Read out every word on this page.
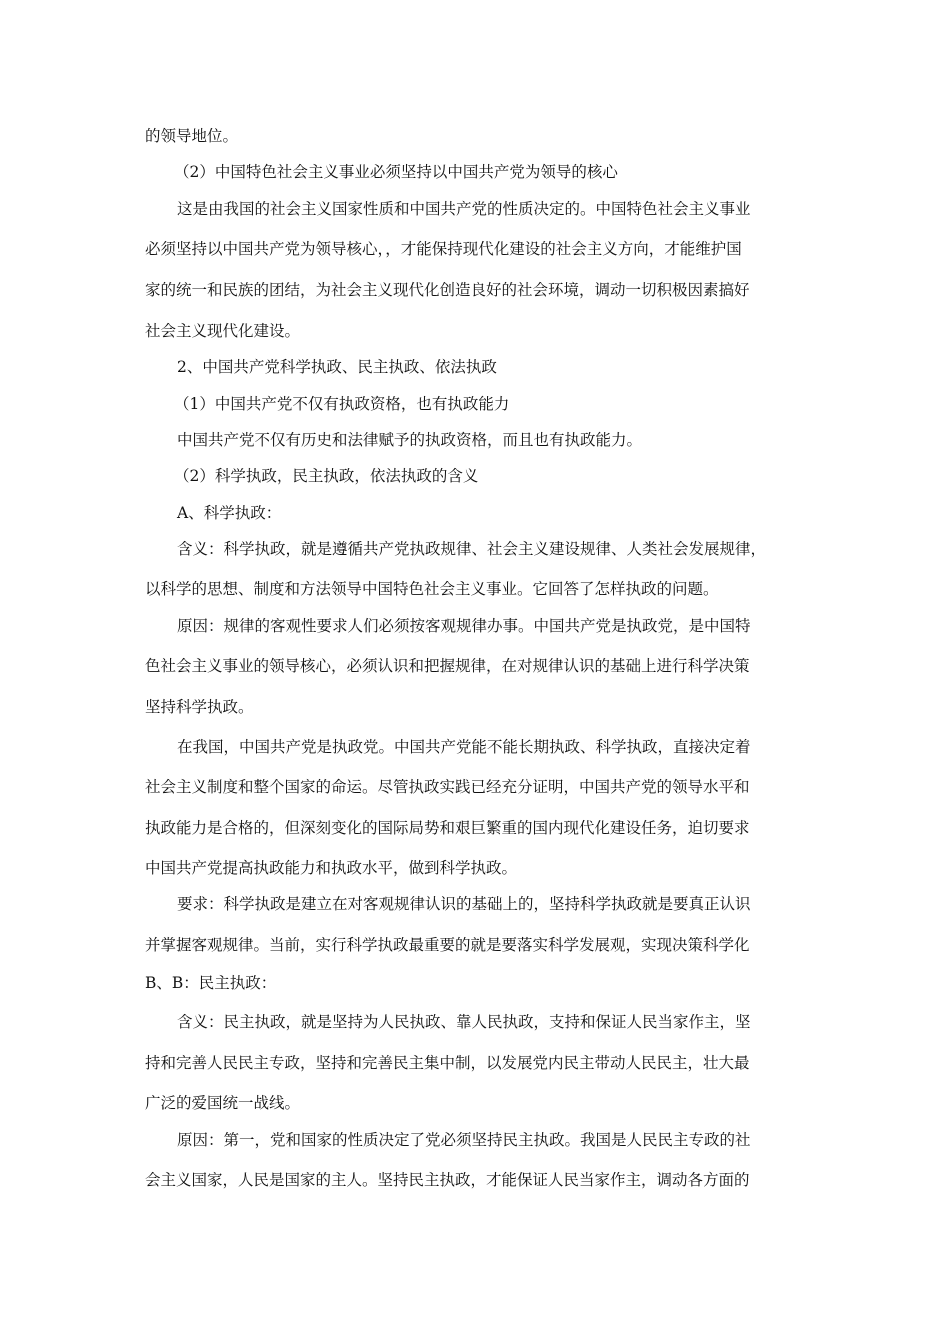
的领导地位。
（2）中国特色社会主义事业必须坚持以中国共产党为领导的核心
这是由我国的社会主义国家性质和中国共产党的性质决定的。中国特色社会主义事业
必须坚持以中国共产党为领导核心，，才能保持现代化建设的社会主义方向，才能维护国
家的统一和民族的团结，为社会主义现代化创造良好的社会环境，调动一切积极因素搞好
社会主义现代化建设。
2、中国共产党科学执政、民主执政、依法执政
（1）中国共产党不仅有执政资格，也有执政能力
中国共产党不仅有历史和法律赋予的执政资格，而且也有执政能力。
（2）科学执政，民主执政，依法执政的含义
A、科学执政：
含义：科学执政，就是遵循共产党执政规律、社会主义建设规律、人类社会发展规律，
以科学的思想、制度和方法领导中国特色社会主义事业。它回答了怎样执政的问题。
原因：规律的客观性要求人们必须按客观规律办事。中国共产党是执政党，是中国特
色社会主义事业的领导核心，必须认识和把握规律，在对规律认识的基础上进行科学决策
坚持科学执政。
在我国，中国共产党是执政党。中国共产党能不能长期执政、科学执政，直接决定着
社会主义制度和整个国家的命运。尽管执政实践已经充分证明，中国共产党的领导水平和
执政能力是合格的，但深刻变化的国际局势和艰巨繁重的国内现代化建设任务，迫切要求
中国共产党提高执政能力和执政水平，做到科学执政。
要求：科学执政是建立在对客观规律认识的基础上的，坚持科学执政就是要真正认识
并掌握客观规律。当前，实行科学执政最重要的就是要落实科学发展观，实现决策科学化
B、B：民主执政：
含义：民主执政，就是坚持为人民执政、靠人民执政，支持和保证人民当家作主，坚
持和完善人民民主专政，坚持和完善民主集中制，以发展党内民主带动人民民主，壮大最
广泛的爱国统一战线。
原因：第一，党和国家的性质决定了党必须坚持民主执政。我国是人民民主专政的社
会主义国家，人民是国家的主人。坚持民主执政，才能保证人民当家作主，调动各方面的
